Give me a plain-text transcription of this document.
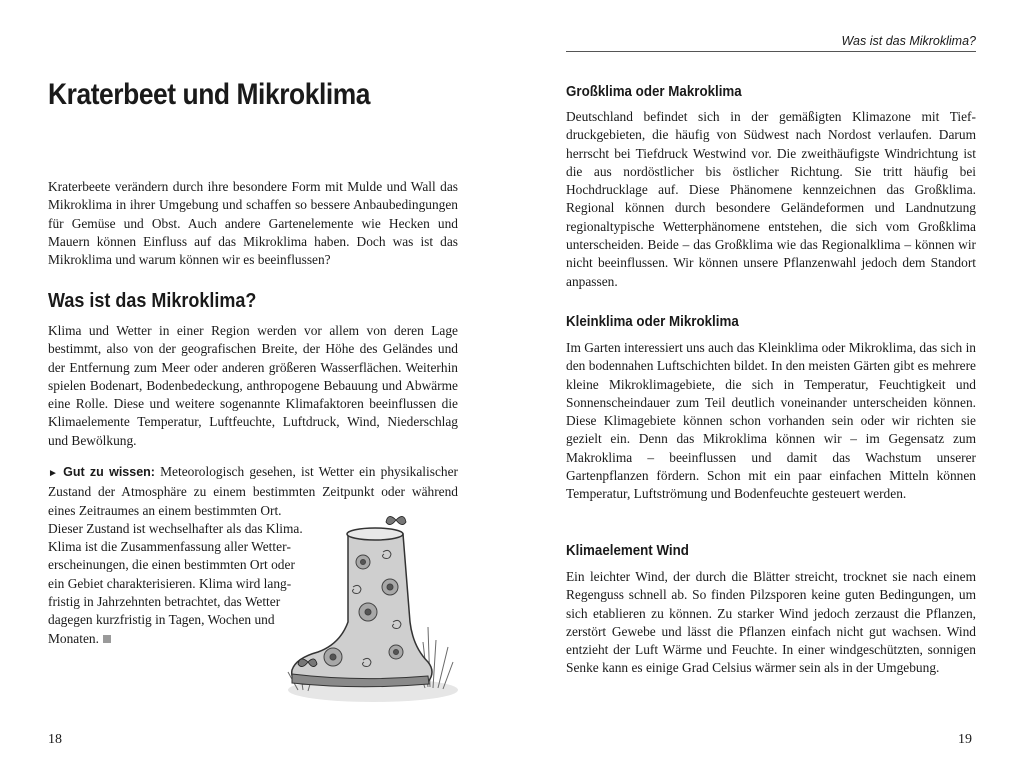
Kraterbeet und Mikroklima

Kraterbeete verändern durch ihre besondere Form mit Mulde und Wall das Mikroklima in ihrer Umgebung und schaffen so bessere Anbaubedingungen für Gemüse und Obst. Auch andere Gartenelemente wie Hecken und Mauern können Einfluss auf das Mikroklima haben. Doch was ist das Mikroklima und warum können wir es beeinflussen?

Was ist das Mikroklima?

Klima und Wetter in einer Region werden vor allem von deren Lage bestimmt, also von der geografischen Breite, der Höhe des Geländes und der Entfernung zum Meer oder anderen größeren Wasserflächen. Weiterhin spielen Bodenart, Bodenbedeckung, anthropogene Bebauung und Abwärme eine Rolle. Diese und weitere sogenannte Klimafaktoren beeinflussen die Klimaelemente Temperatur, Luftfeuchte, Luftdruck, Wind, Niederschlag und Bewölkung.

► Gut zu wissen: Meteorologisch gesehen, ist Wetter ein physikalischer Zustand der Atmosphäre zu einem bestimmten Zeitpunkt oder während eines Zeitraumes an einem bestimmten Ort.

Dieser Zustand ist wechselhafter als das Klima. Klima ist die Zusammenfassung aller Wettererscheinungen, die einen bestimmten Ort oder ein Gebiet charakterisieren. Klima wird langfristig in Jahrzehnten betrachtet, das Wetter dagegen kurzfristig in Tagen, Wochen und Monaten.

18
Was ist das Mikroklima?
Großklima oder Makroklima

Deutschland befindet sich in der gemäßigten Klimazone mit Tiefdruckgebieten, die häufig von Südwest nach Nordost verlaufen. Darum herrscht bei Tiefdruck Westwind vor. Die zweithäufigste Windrichtung ist die aus nordöstlicher bis östlicher Richtung. Sie tritt häufig bei Hochdrucklage auf. Diese Phänomene kennzeichnen das Großklima. Regional können durch besondere Geländeformen und Landnutzung regionaltypische Wetterphänomene entstehen, die sich vom Großklima unterscheiden. Beide – das Großklima wie das Regionalklima – können wir nicht beeinflussen. Wir können unsere Pflanzenwahl jedoch dem Standort anpassen.

Kleinklima oder Mikroklima

Im Garten interessiert uns auch das Kleinklima oder Mikroklima, das sich in den bodennahen Luftschichten bildet. In den meisten Gärten gibt es mehrere kleine Mikroklimagebiete, die sich in Temperatur, Feuchtigkeit und Sonnenscheindauer zum Teil deutlich voneinander unterscheiden können. Diese Klimagebiete können schon vorhanden sein oder wir richten sie gezielt ein. Denn das Mikroklima können wir – im Gegensatz zum Makroklima – beeinflussen und damit das Wachstum unserer Gartenpflanzen fördern. Schon mit ein paar einfachen Mitteln können Temperatur, Luftströmung und Bodenfeuchte gesteuert werden.

Klimaelement Wind

Ein leichter Wind, der durch die Blätter streicht, trocknet sie nach einem Regenguss schnell ab. So finden Pilzsporen keine guten Bedingungen, um sich etablieren zu können. Zu starker Wind jedoch zerzaust die Pflanzen, zerstört Gewebe und lässt die Pflanzen einfach nicht gut wachsen. Wind entzieht der Luft Wärme und Feuchte. In einer windgeschützten, sonnigen Senke kann es einige Grad Celsius wärmer sein als in der Umgebung.

19
